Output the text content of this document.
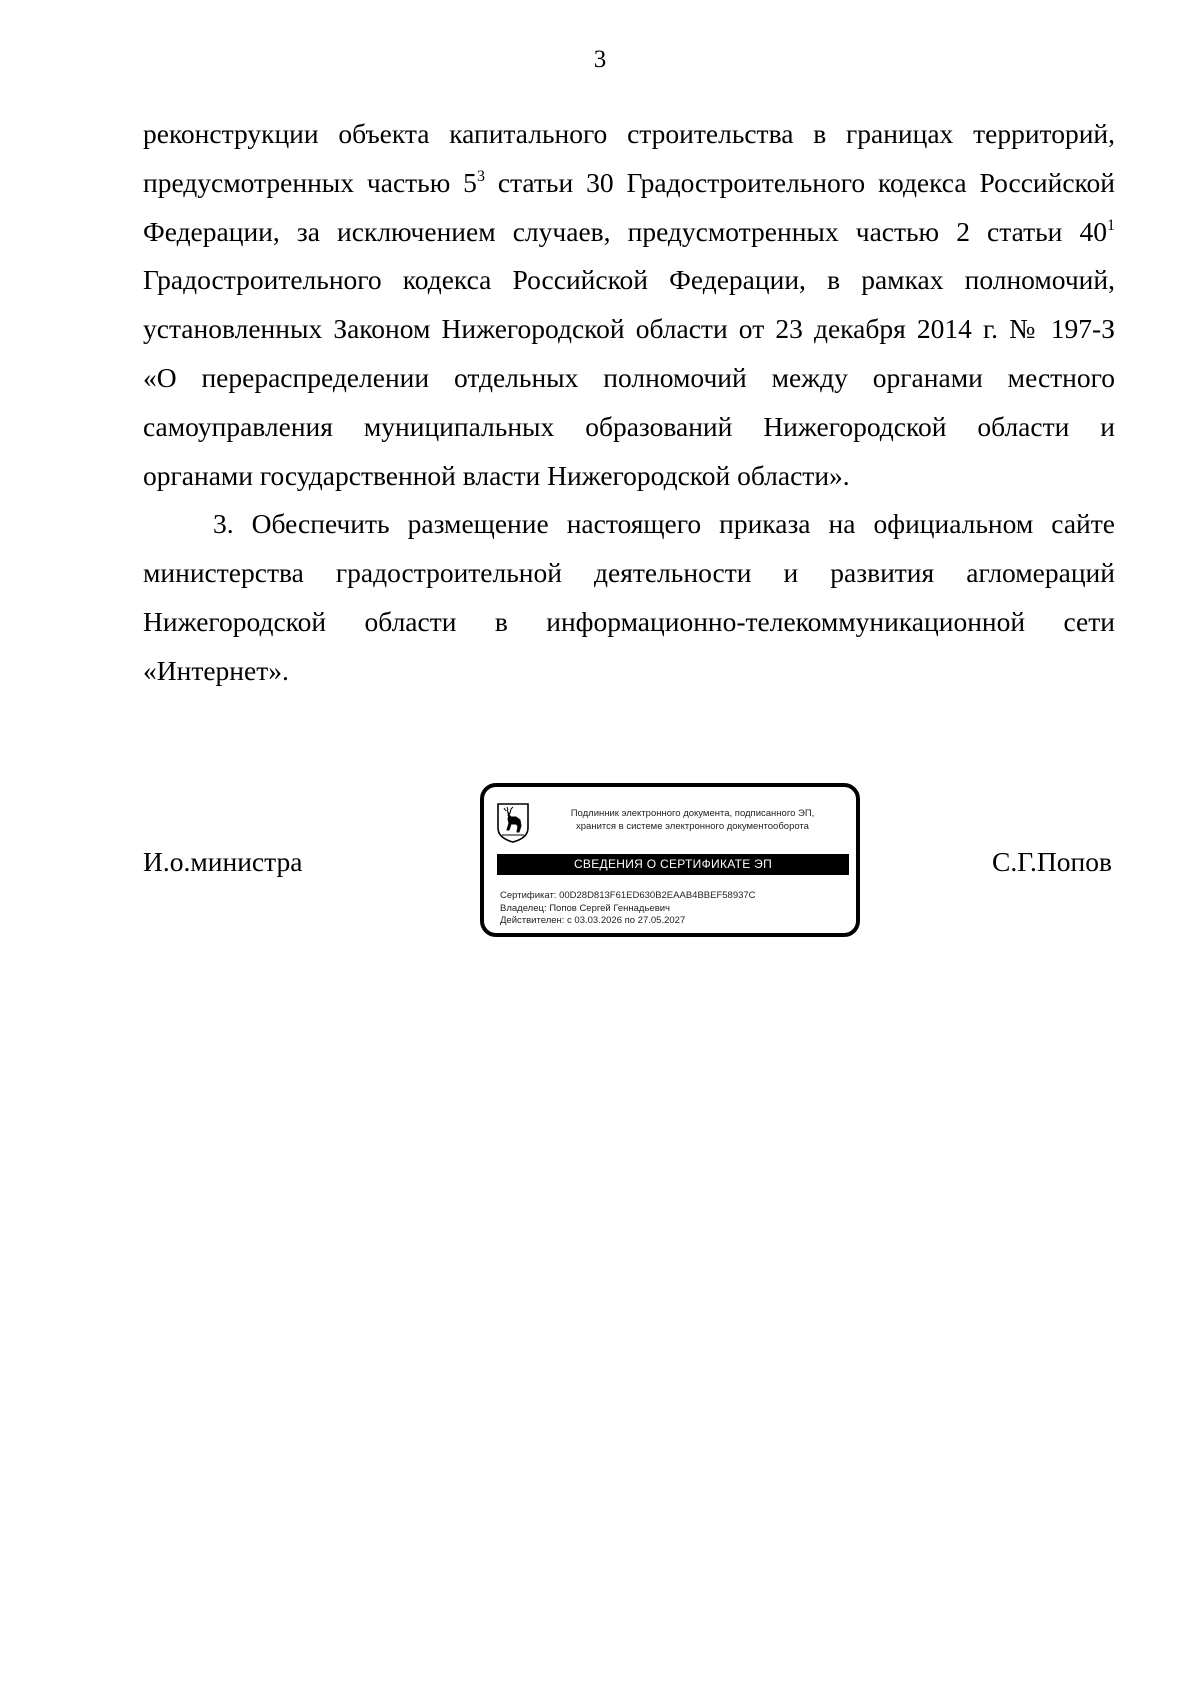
3
реконструкции объекта капитального строительства в границах территорий,
предусмотренных частью $5^3$ статьи 30 Градостроительного кодекса Российской
Федерации, за исключением случаев, предусмотренных частью 2 статьи $40^1$
Градостроительного кодекса Российской Федерации, в рамках полномочий,
установленных Законом Нижегородской области от 23 декабря 2014 г. № 197-З
«О перераспределении отдельных полномочий между органами местного
самоуправления муниципальных образований Нижегородской области и
органами государственной власти Нижегородской области».
3. Обеспечить размещение настоящего приказа на официальном сайте
министерства градостроительной деятельности и развития агломераций
Нижегородской области в информационно-телекоммуникационной сети
«Интернет».
И.о.министра
Подлинник электронного документа, подписанного ЭП,
хранится в системе электронного документооборота
СВЕДЕНИЯ О СЕРТИФИКАТЕ ЭП
Сертификат: 00D28D813F61ED630B2EAAB4BBEF58937C
Владелец: Попов Сергей Геннадьевич
Действителен: с 03.03.2026 по 27.05.2027
С.Г.Попов
